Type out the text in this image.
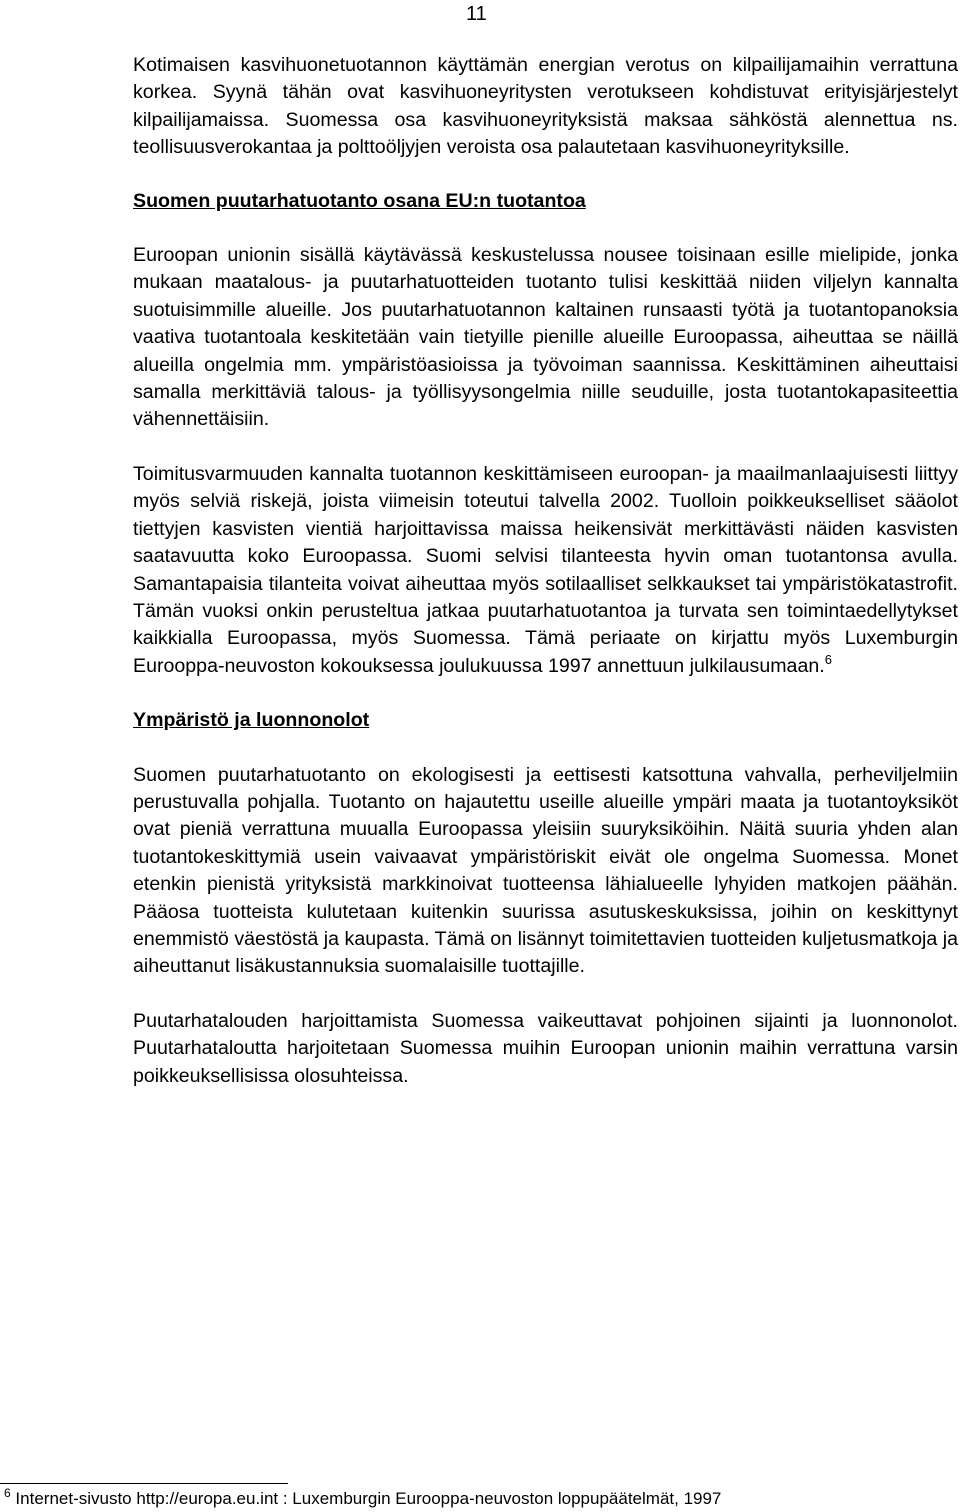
11

Kotimaisen kasvihuonetuotannon käyttämän energian verotus on kilpailijamaihin verrattuna korkea. Syynä tähän ovat kasvihuoneyritysten verotukseen kohdistuvat erityisjärjestelyt kilpailijamaissa. Suomessa osa kasvihuoneyrityksistä maksaa sähköstä alennettua ns. teollisuusverokantaa ja polttoöljyjen veroista osa palautetaan kasvihuoneyrityksille.

Suomen puutarhatuotanto osana EU:n tuotantoa

Euroopan unionin sisällä käytävässä keskustelussa nousee toisinaan esille mielipide, jonka mukaan maatalous- ja puutarhatuotteiden tuotanto tulisi keskittää niiden viljelyn kannalta suotuisimmille alueille. Jos puutarhatuotannon kaltainen runsaasti työtä ja tuotantopanoksia vaativa tuotantoala keskitetään vain tietyille pienille alueille Euroopassa, aiheuttaa se näillä alueilla ongelmia mm. ympäristöasioissa ja työvoiman saannissa. Keskittäminen aiheuttaisi samalla merkittäviä talous- ja työllisyysongelmia niille seuduille, josta tuotantokapasiteettia vähennettäisiin.

Toimitusvarmuuden kannalta tuotannon keskittämiseen euroopan- ja maailmanlaajuisesti liittyy myös selviä riskejä, joista viimeisin toteutui talvella 2002. Tuolloin poikkeukselliset sääolot tiettyjen kasvisten vientiä harjoittavissa maissa heikensivät merkittävästi näiden kasvisten saatavuutta koko Euroopassa. Suomi selvisi tilanteesta hyvin oman tuotantonsa avulla. Samantapaisia tilanteita voivat aiheuttaa myös sotilaalliset selkkaukset tai ympäristökatastrofit. Tämän vuoksi onkin perusteltua jatkaa puutarhatuotantoa ja turvata sen toimintaedellytykset kaikkialla Euroopassa, myös Suomessa. Tämä periaate on kirjattu myös Luxemburgin Eurooppa-neuvoston kokouksessa joulukuussa 1997 annettuun julkilausumaan.$^6$

Ympäristö ja luonnonolot

Suomen puutarhatuotanto on ekologisesti ja eettisesti katsottuna vahvalla, perheviljelmiin perustuvalla pohjalla. Tuotanto on hajautettu useille alueille ympäri maata ja tuotantoyksiköt ovat pieniä verrattuna muualla Euroopassa yleisiin suuryksiköihin. Näitä suuria yhden alan tuotantokeskittymiä usein vaivaavat ympäristöriskit eivät ole ongelma Suomessa. Monet etenkin pienistä yrityksistä markkinoivat tuotteensa lähialueelle lyhyiden matkojen päähän. Pääosa tuotteista kulutetaan kuitenkin suurissa asutuskeskuksissa, joihin on keskittynyt enemmistö väestöstä ja kaupasta. Tämä on lisännyt toimitettavien tuotteiden kuljetusmatkoja ja aiheuttanut lisäkustannuksia suomalaisille tuottajille.

Puutarhatalouden harjoittamista Suomessa vaikeuttavat pohjoinen sijainti ja luonnonolot. Puutarhataloutta harjoitetaan Suomessa muihin Euroopan unionin maihin verrattuna varsin poikkeuksellisissa olosuhteissa.

$^6$ Internet-sivusto http://europa.eu.int : Luxemburgin Eurooppa-neuvoston loppupäätelmät, 1997
